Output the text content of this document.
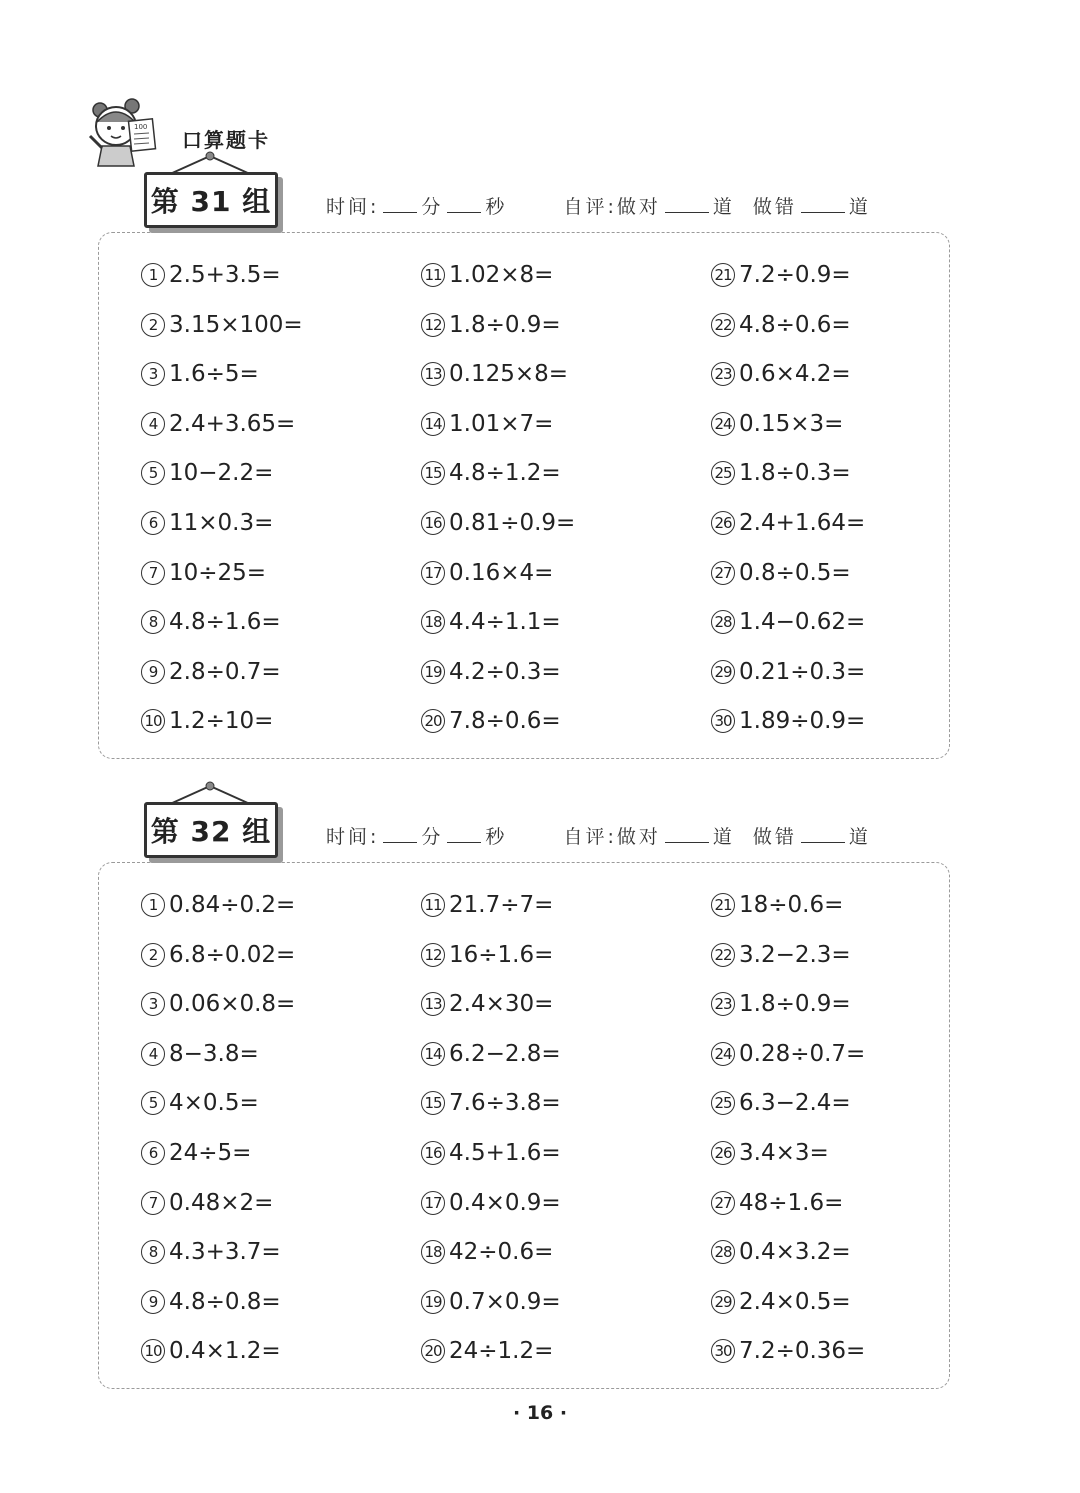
100
口算题卡
第 31 组	时间: 分 秒	自评:做对	道 做错	道
1 2.5+3.5=
2 3.15×100=
3 1.6÷5=
4 2.4+3.65=
5 10−2.2=
6 11×0.3=
7 10÷25=
8 4.8÷1.6=
9 2.8÷0.7=
10 1.2÷10=
11 1.02×8=
12 1.8÷0.9=
13 0.125×8=
14 1.01×7=
15 4.8÷1.2=
16 0.81÷0.9=
17 0.16×4=
18 4.4÷1.1=
19 4.2÷0.3=
20 7.8÷0.6=
21 7.2÷0.9=
22 4.8÷0.6=
23 0.6×4.2=
24 0.15×3=
25 1.8÷0.3=
26 2.4+1.64=
27 0.8÷0.5=
28 1.4−0.62=
29 0.21÷0.3=
30 1.89÷0.9=
第 32 组	时间: 分 秒	自评:做对	道 做错	道
1 0.84÷0.2=
2 6.8÷0.02=
3 0.06×0.8=
4 8−3.8=
5 4×0.5=
6 24÷5=
7 0.48×2=
8 4.3+3.7=
9 4.8÷0.8=
10 0.4×1.2=
11 21.7÷7=
12 16÷1.6=
13 2.4×30=
14 6.2−2.8=
15 7.6÷3.8=
16 4.5+1.6=
17 0.4×0.9=
18 42÷0.6=
19 0.7×0.9=
20 24÷1.2=
21 18÷0.6=
22 3.2−2.3=
23 1.8÷0.9=
24 0.28÷0.7=
25 6.3−2.4=
26 3.4×3=
27 48÷1.6=
28 0.4×3.2=
29 2.4×0.5=
30 7.2÷0.36=
· 16 ·
